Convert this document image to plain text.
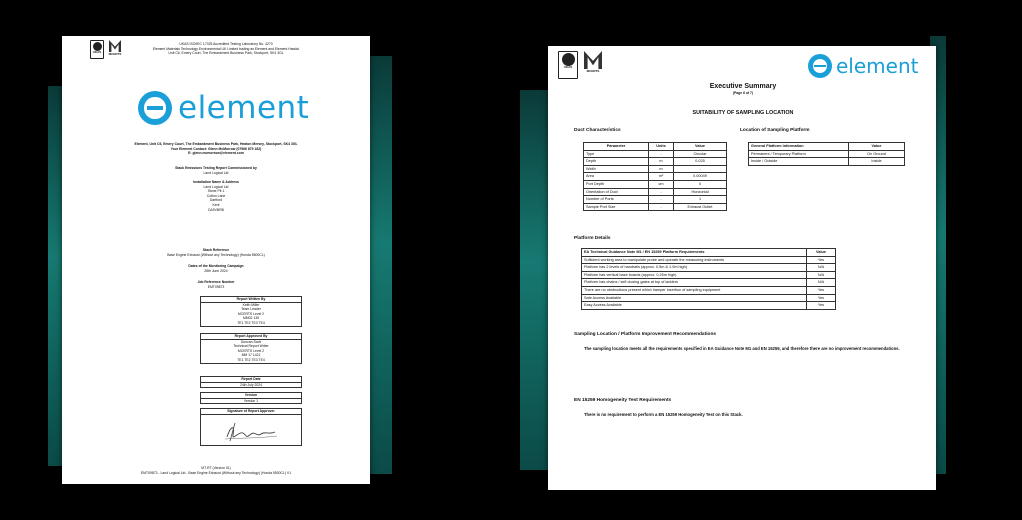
UKAS MCERTS
UKAS ISO/IEC 17025 Accredited Testing Laboratory No. 4270
Element Materials Technology Environmental UK Limited trading as Element and Element Hawick
Unit C6, Emery Court, The Embankment Business Park, Stockport, SK4 3GL
element
Element, Unit C6, Emery Court, The Embankment Business Park, Heaton Mersey, Stockport, SK4 3GL
Your Element Contact: Glenn McMorrow (07966 879 182)
E: glenn.mcmorrow@element.com
Stack Emissions Testing Report Commissioned by
Land Logical Ltd
Installation Name & Address
Land Logical Ltd
Stone Pit 1
Cotton Lane
Dartford
Kent
DA9VBRB
Stack Reference
Base Engine Exhaust (Without any Technology) (Honda 5500CL)
Dates of the Monitoring Campaign
28th June 2024
Job Reference Number
EMT09873
Report Written By
Keith Miller
Team Leader
MCERTS Level 2
MM02 135
TE1 TE2 TE3 TE4
Report Approved By
Duncan Scott
Technical Report Writer
MCERTS Level 2
MM 17 1421
TE1 TE2 TE3 TE4
Report Date
24th July 2024
Version
Version 1
Signature of Report Approver
MT-RT (Version 01)
EMT09873 - Land Logical Ltd - Base Engine Exhaust (Without any Technology) (Honda 5500CL) V1
UKAS
MCERTS	element
Executive Summary
(Page 6 of 7)
SUITABILITY OF SAMPLING LOCATION
Duct Characteristics
Parameter	Units	Value
Type	-	Circular
Depth	m	0.025
Width	m	-
Area	m²	0.00049
Port Depth	cm	0
Orientation of Duct	-	Horizontal
Number of Ports	-	1
Sample Port Size	-	Exhaust Outlet
Location of Sampling Platform
General Platform Information	Value
Permanent / Temporary Platform	On Ground
Inside / Outside	Inside
Platform Details
EA Technical Guidance Note M1 / EN 15259 Platform Requirements	Value
Sufficient working area to manipulate probe and operate the measuring instruments	Yes
Platform has 2 levels of handrails (approx. 0.5m & 1.0m high)	N/A
Platform has vertical base boards (approx. 0.25m high)	N/A
Platform has chains / self closing gates at top of ladders	N/A
There are no obstructions present which hamper insertion of sampling equipment	Yes
Safe Access Available	Yes
Easy Access Available	Yes
Sampling Location / Platform Improvement Recommendations
The sampling location meets all the requirements specified in EA Guidance Note M1 and EN 15259, and therefore there are no improvement recommendations.
EN 15259 Homogeneity Test Requirements
There is no requirement to perform a EN 15259 Homogeneity Test on this Stack.
